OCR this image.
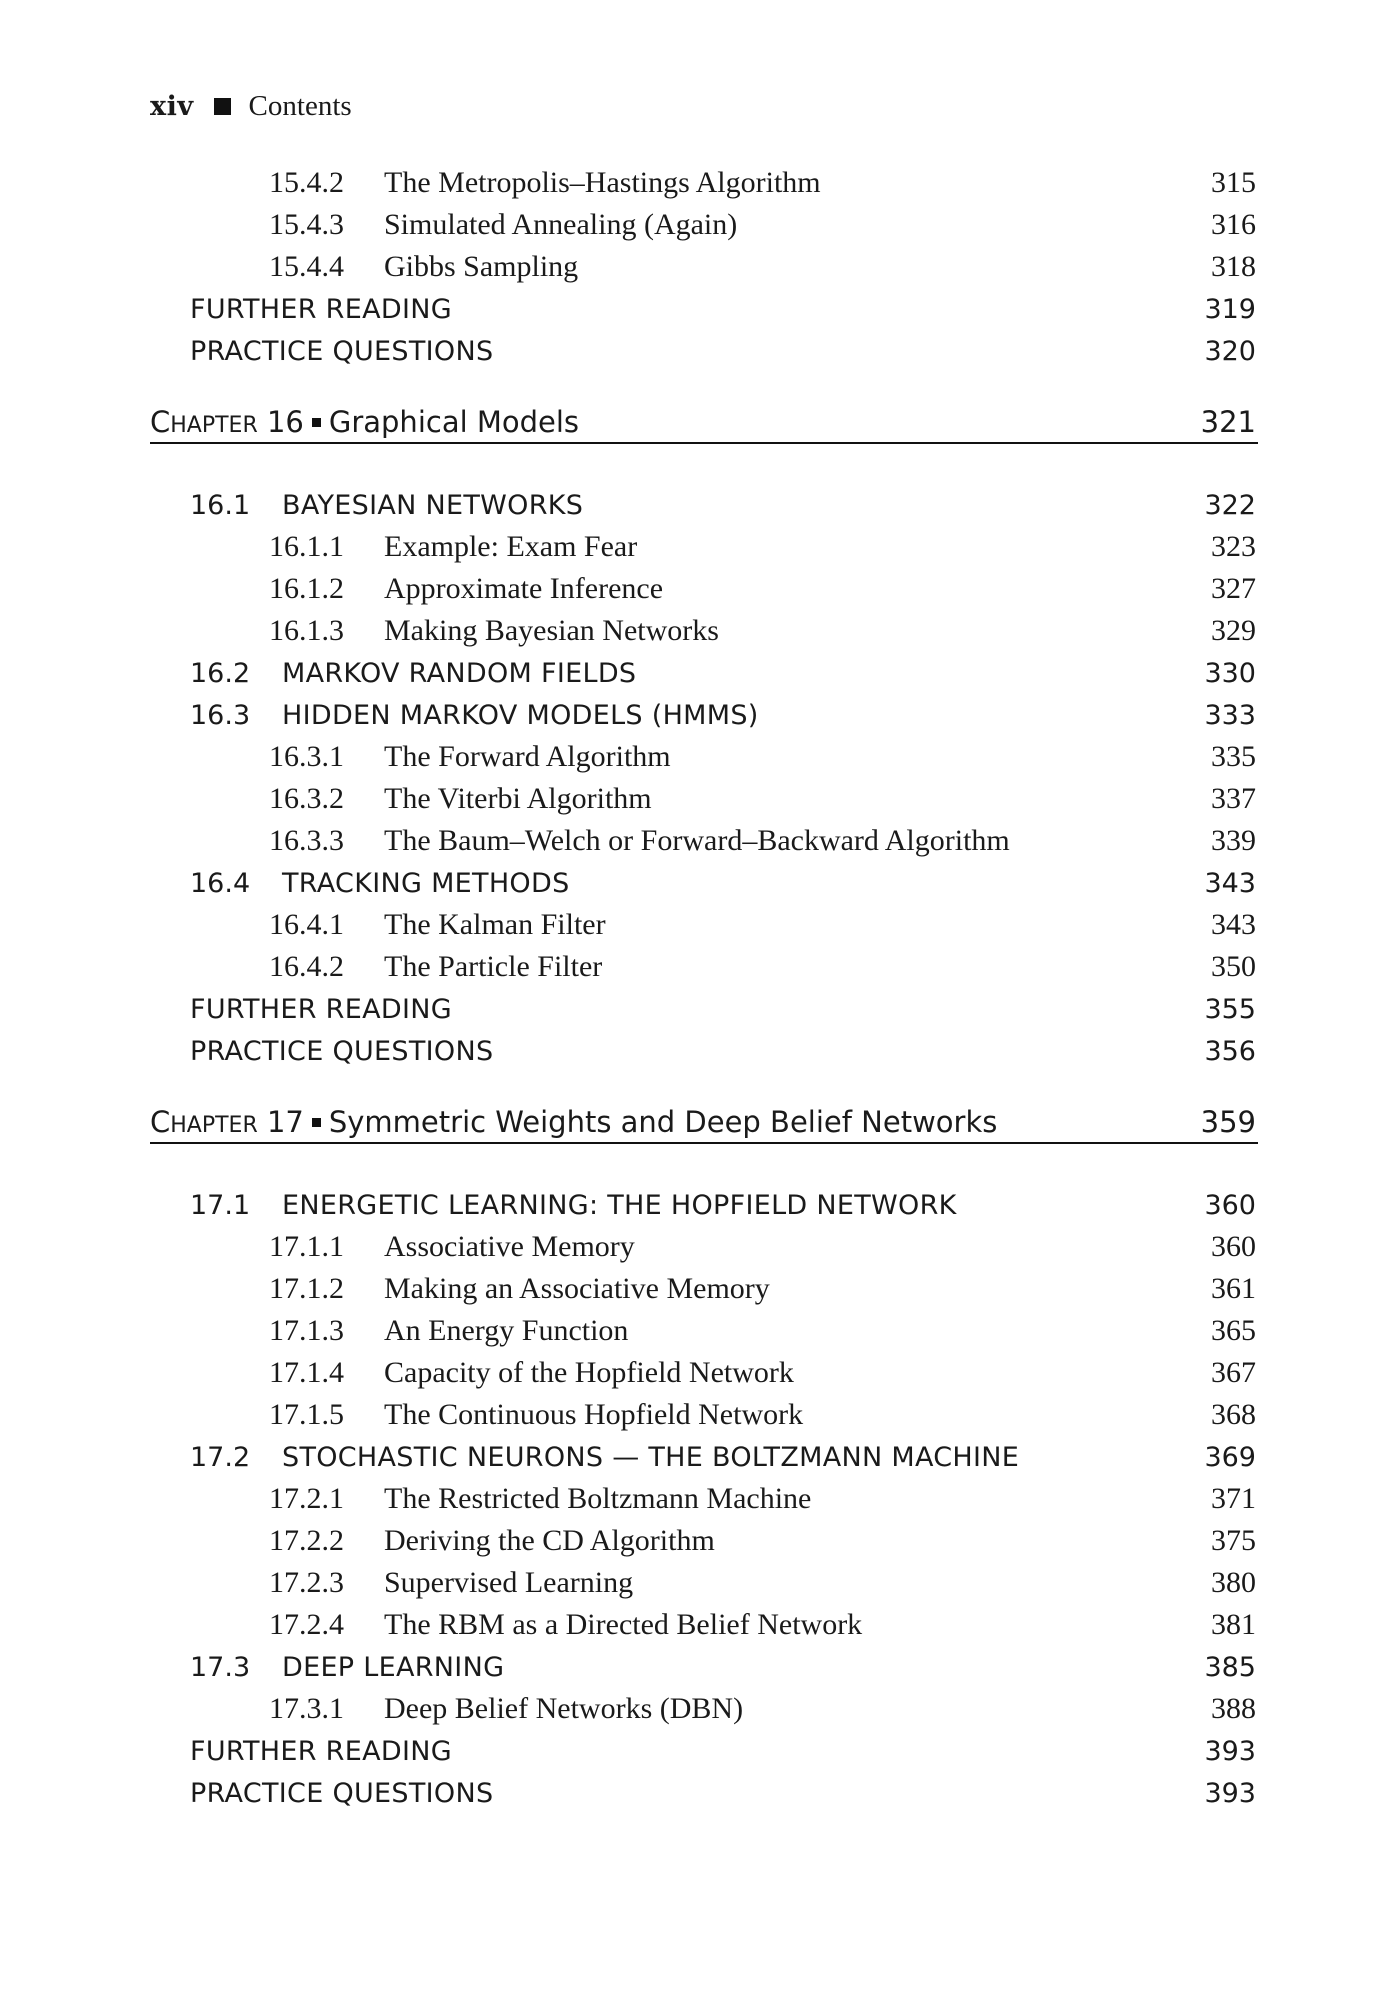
xiv Contents
15.4.2 The Metropolis–Hastings Algorithm	315
15.4.3 Simulated Annealing (Again)	316
15.4.4 Gibbs Sampling	318
FURTHER READING	319
PRACTICE QUESTIONS	320
CHAPTER 16 Graphical Models	321
16.1 BAYESIAN NETWORKS	322
16.1.1 Example: Exam Fear	323
16.1.2 Approximate Inference	327
16.1.3 Making Bayesian Networks	329
16.2 MARKOV RANDOM FIELDS	330
16.3 HIDDEN MARKOV MODELS (HMMS)	333
16.3.1 The Forward Algorithm	335
16.3.2 The Viterbi Algorithm	337
16.3.3 The Baum–Welch or Forward–Backward Algorithm	339
16.4 TRACKING METHODS	343
16.4.1 The Kalman Filter	343
16.4.2 The Particle Filter	350
FURTHER READING	355
PRACTICE QUESTIONS	356
CHAPTER 17 Symmetric Weights and Deep Belief Networks	359
17.1 ENERGETIC LEARNING: THE HOPFIELD NETWORK	360
17.1.1 Associative Memory	360
17.1.2 Making an Associative Memory	361
17.1.3 An Energy Function	365
17.1.4 Capacity of the Hopfield Network	367
17.1.5 The Continuous Hopfield Network	368
17.2 STOCHASTIC NEURONS — THE BOLTZMANN MACHINE	369
17.2.1 The Restricted Boltzmann Machine	371
17.2.2 Deriving the CD Algorithm	375
17.2.3 Supervised Learning	380
17.2.4 The RBM as a Directed Belief Network	381
17.3 DEEP LEARNING	385
17.3.1 Deep Belief Networks (DBN)	388
FURTHER READING	393
PRACTICE QUESTIONS	393
